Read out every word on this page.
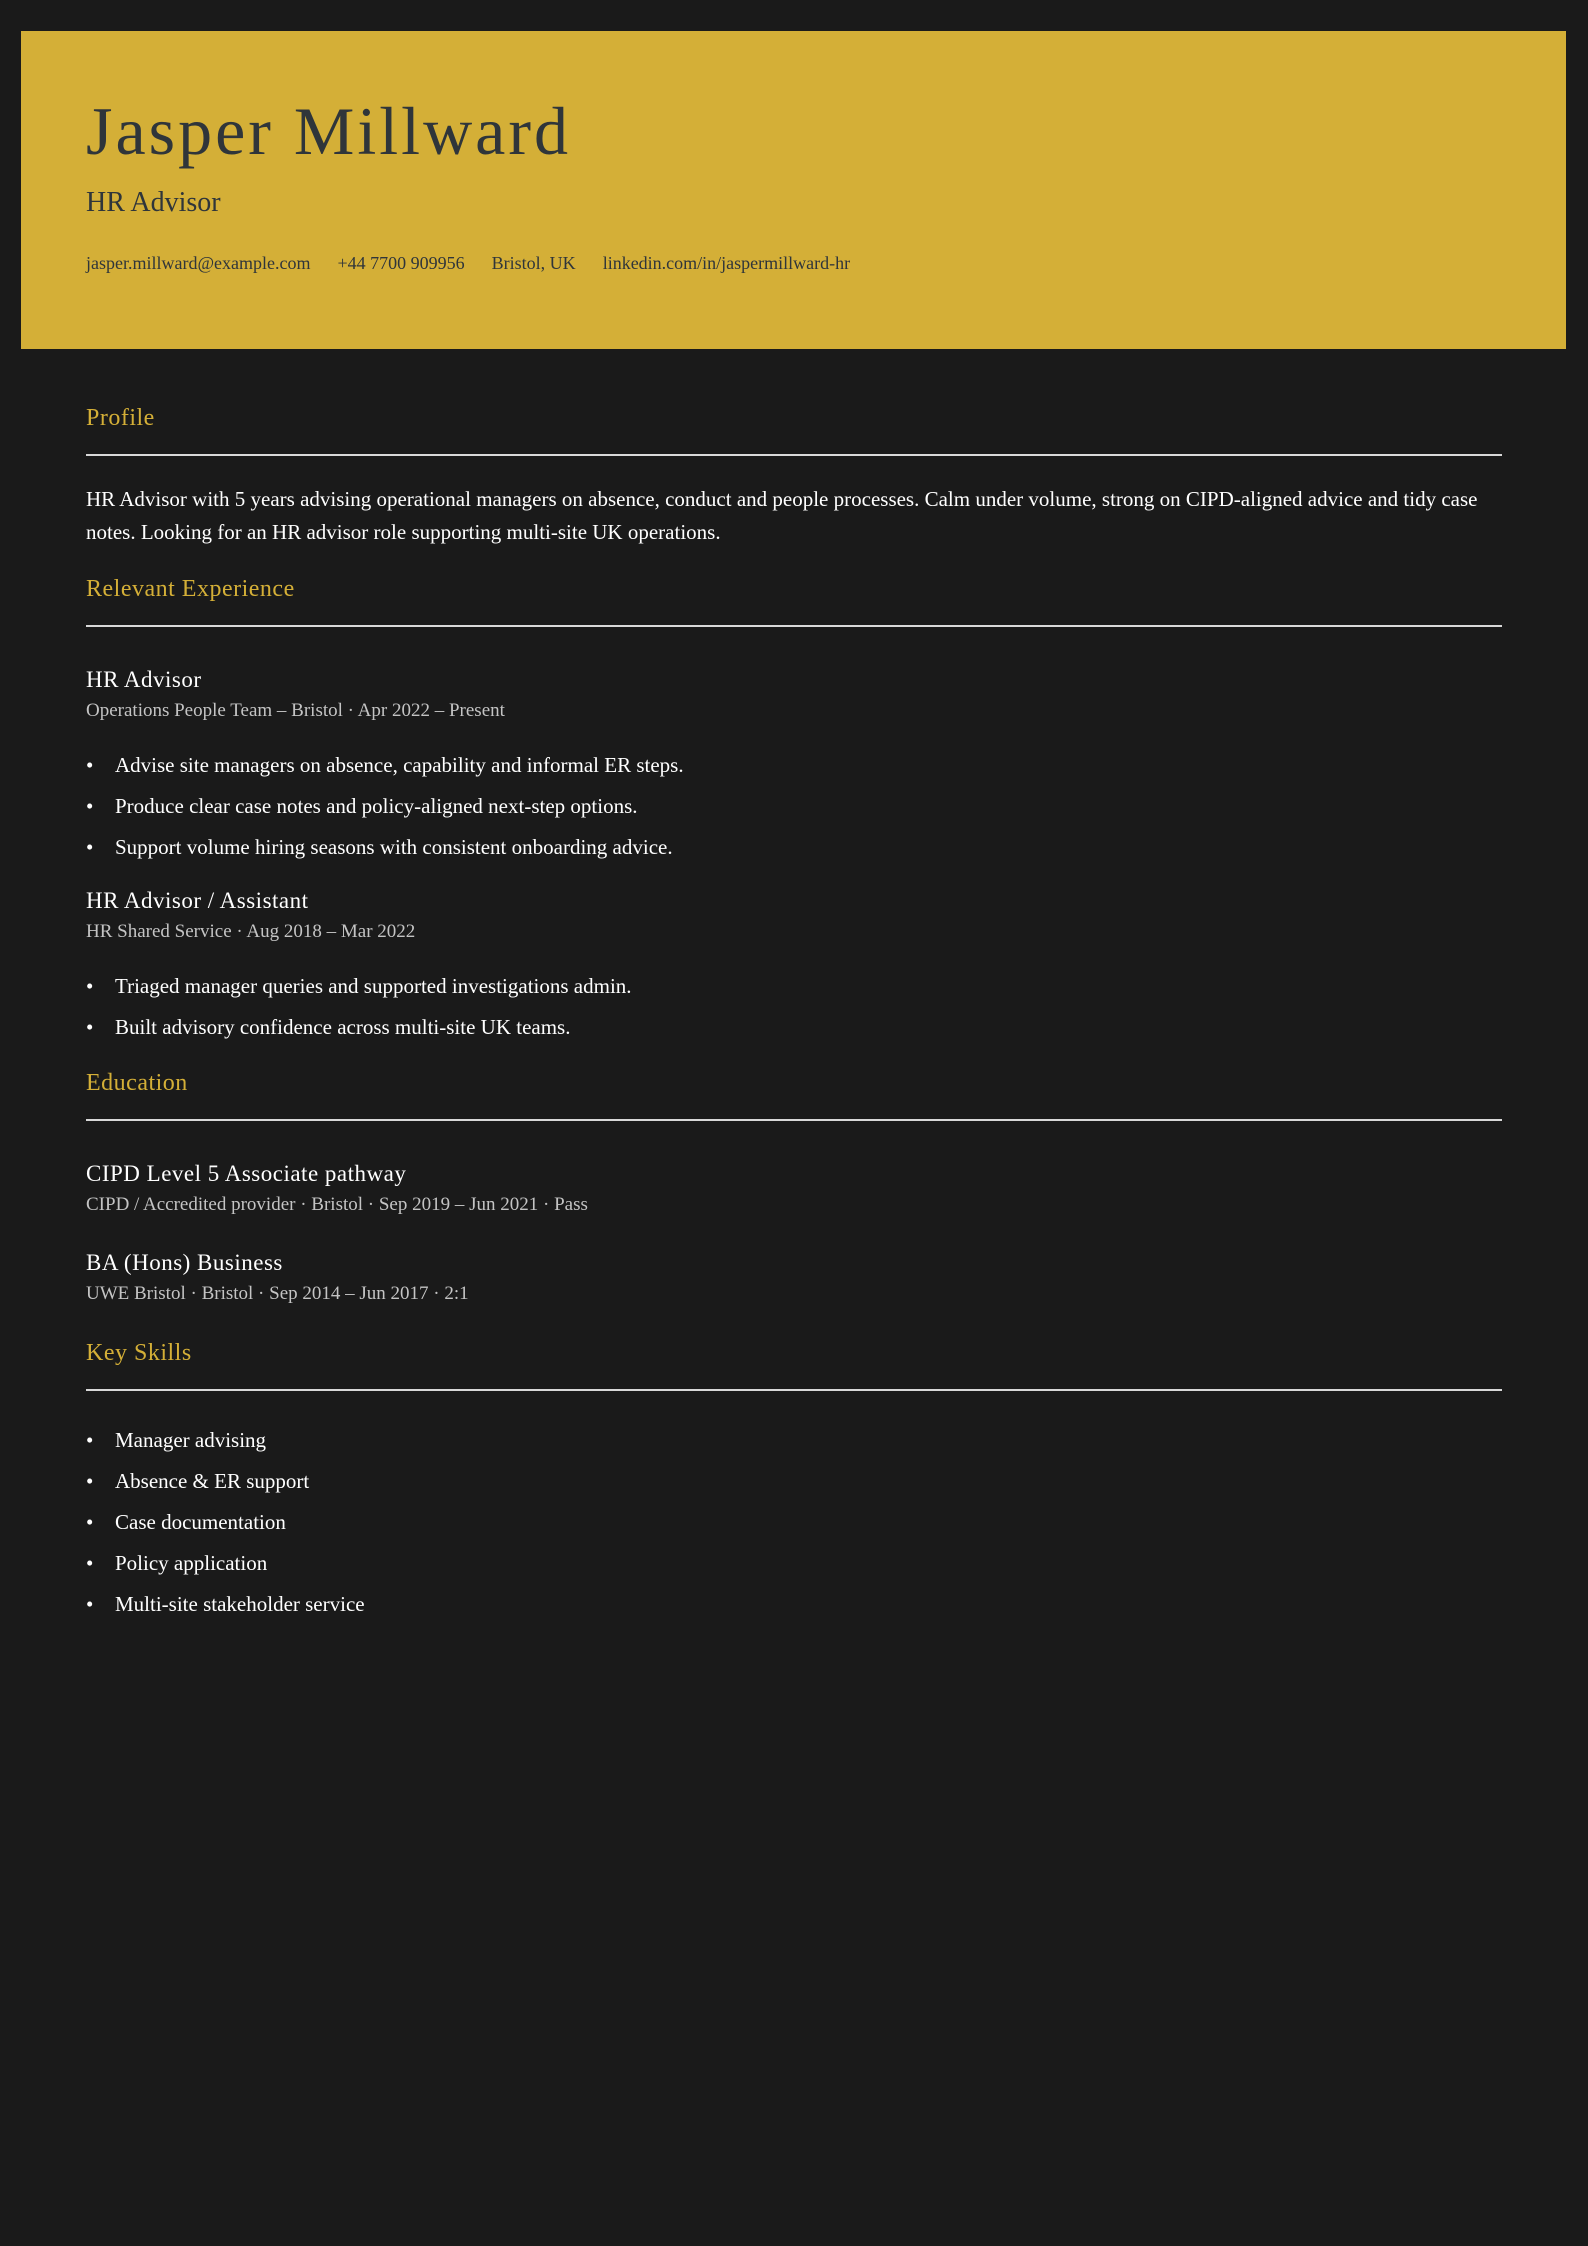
Jasper Millward
HR Advisor
jasper.millward@example.com +44 7700 909956 Bristol, UK linkedin.com/in/jaspermillward-hr
Profile

HR Advisor with 5 years advising operational managers on absence, conduct and people processes. Calm under volume, strong on CIPD-aligned advice and tidy case notes. Looking for an HR advisor role supporting multi-site UK operations.

Relevant Experience
HR Advisor
Operations People Team – Bristol · Apr 2022 – Present
• Advise site managers on absence, capability and informal ER steps.
• Produce clear case notes and policy-aligned next-step options.
• Support volume hiring seasons with consistent onboarding advice.
HR Advisor / Assistant
HR Shared Service · Aug 2018 – Mar 2022
• Triaged manager queries and supported investigations admin.
• Built advisory confidence across multi-site UK teams.
Education
CIPD Level 5 Associate pathway
CIPD / Accredited provider · Bristol · Sep 2019 – Jun 2021 · Pass
BA (Hons) Business
UWE Bristol · Bristol · Sep 2014 – Jun 2017 · 2:1
Key Skills
• Manager advising
• Absence & ER support
• Case documentation
• Policy application
• Multi-site stakeholder service
